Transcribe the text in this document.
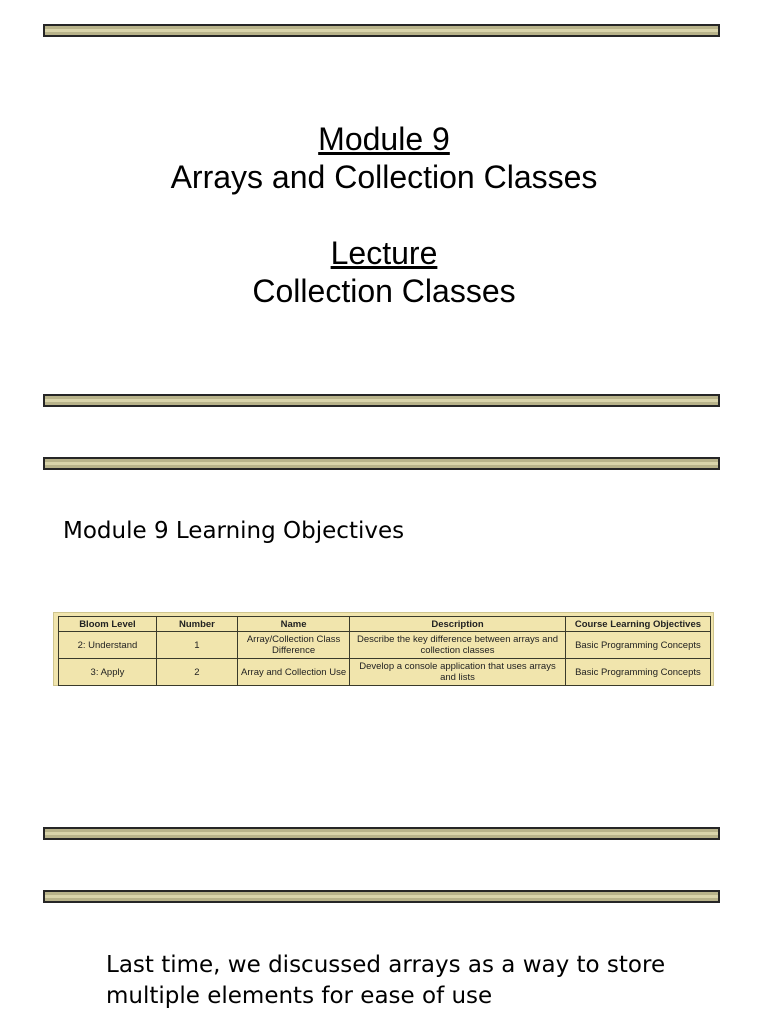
Module 9
Arrays and Collection Classes
Lecture
Collection Classes
Module 9 Learning Objectives
Bloom Level	Number	Name	Description	Course Learning Objectives
2: Understand	1	Array/Collection Class Difference	Describe the key difference between arrays and collection classes	Basic Programming Concepts
3: Apply	2	Array and Collection Use	Develop a console application that uses arrays and lists	Basic Programming Concepts
Last time, we discussed arrays as a way to store
multiple elements for ease of use
